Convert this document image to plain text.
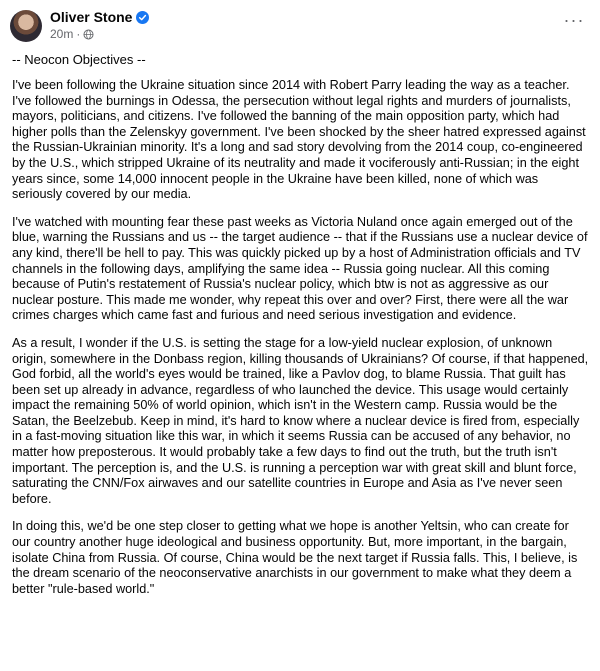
Oliver Stone
20m ·
···
-- Neocon Objectives --
I've been following the Ukraine situation since 2014 with Robert Parry leading the way as a teacher. I've followed the burnings in Odessa, the persecution without legal rights and murders of journalists, mayors, politicians, and citizens. I've followed the banning of the main opposition party, which had higher polls than the Zelenskyy government. I've been shocked by the sheer hatred expressed against the Russian-Ukrainian minority. It's a long and sad story devolving from the 2014 coup, co-engineered by the U.S., which stripped Ukraine of its neutrality and made it vociferously anti-Russian; in the eight years since, some 14,000 innocent people in the Ukraine have been killed, none of which was seriously covered by our media.
I've watched with mounting fear these past weeks as Victoria Nuland once again emerged out of the blue, warning the Russians and us -- the target audience -- that if the Russians use a nuclear device of any kind, there'll be hell to pay. This was quickly picked up by a host of Administration officials and TV channels in the following days, amplifying the same idea -- Russia going nuclear. All this coming because of Putin's restatement of Russia's nuclear policy, which btw is not as aggressive as our nuclear posture. This made me wonder, why repeat this over and over? First, there were all the war crimes charges which came fast and furious and need serious investigation and evidence.
As a result, I wonder if the U.S. is setting the stage for a low-yield nuclear explosion, of unknown origin, somewhere in the Donbass region, killing thousands of Ukrainians? Of course, if that happened, God forbid, all the world's eyes would be trained, like a Pavlov dog, to blame Russia. That guilt has been set up already in advance, regardless of who launched the device. This usage would certainly impact the remaining 50% of world opinion, which isn't in the Western camp. Russia would be the Satan, the Beelzebub. Keep in mind, it's hard to know where a nuclear device is fired from, especially in a fast-moving situation like this war, in which it seems Russia can be accused of any behavior, no matter how preposterous. It would probably take a few days to find out the truth, but the truth isn't important. The perception is, and the U.S. is running a perception war with great skill and blunt force, saturating the CNN/Fox airwaves and our satellite countries in Europe and Asia as I've never seen before.
In doing this, we'd be one step closer to getting what we hope is another Yeltsin, who can create for our country another huge ideological and business opportunity. But, more important, in the bargain, isolate China from Russia. Of course, China would be the next target if Russia falls. This, I believe, is the dream scenario of the neoconservative anarchists in our government to make what they deem a better "rule-based world."
